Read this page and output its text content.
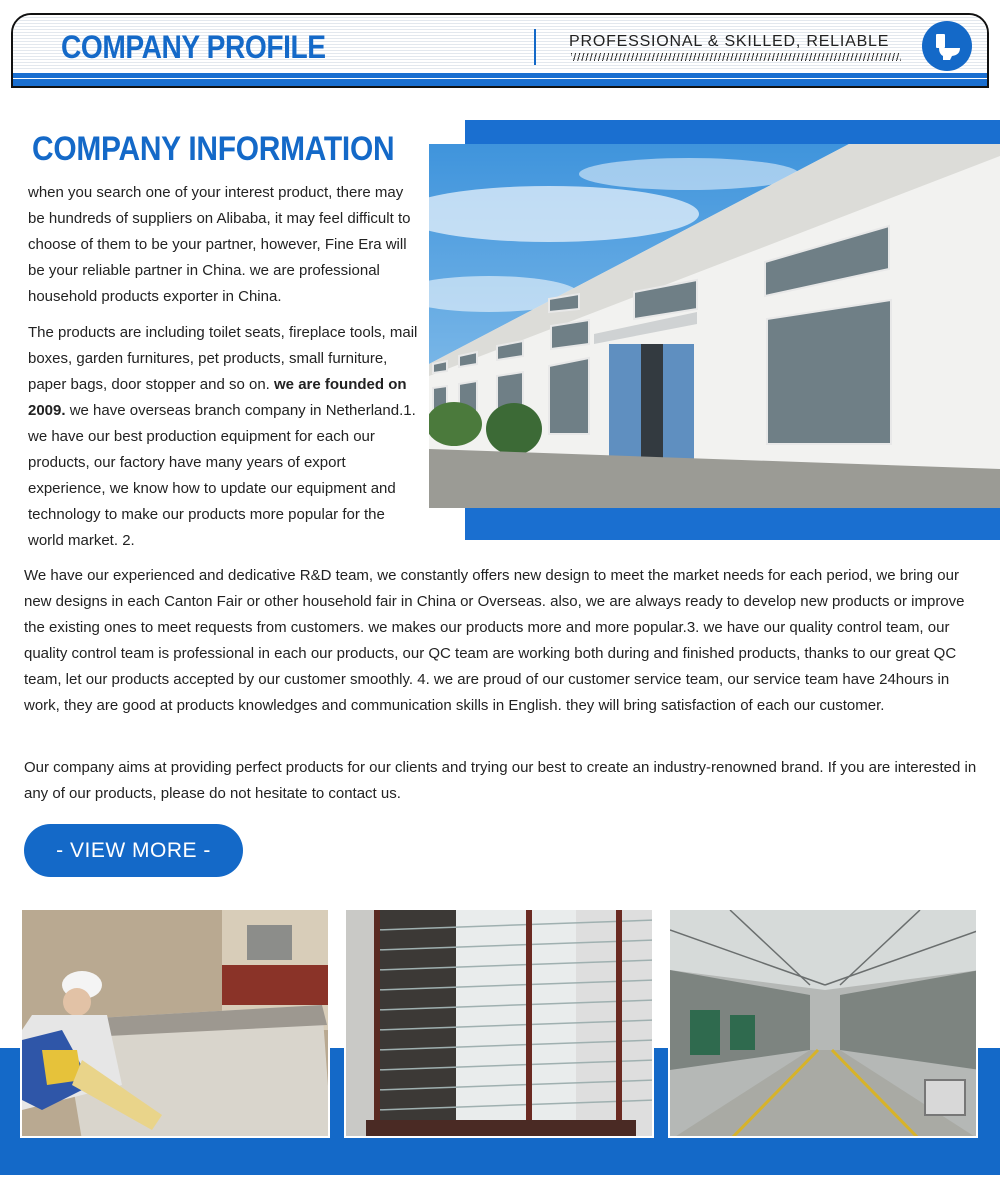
COMPANY PROFILE	PROFESSIONAL & SKILLED, RELIABLE
COMPANY INFORMATION

when you search one of your interest product, there may be hundreds of suppliers on Alibaba, it may feel difficult to choose of them to be your partner, however, Fine Era will be your reliable partner in China. we are professional household products exporter in China.

The products are including toilet seats, fireplace tools, mail boxes, garden furnitures, pet products, small furniture, paper bags, door stopper and so on. we are founded on 2009. we have overseas branch company in Netherland.1. we have our best production equipment for each our products, our factory have many years of export experience, we know how to update our equipment and technology to make our products more popular for the world market. 2.

We have our experienced and dedicative R&D team, we constantly offers new design to meet the market needs for each period, we bring our new designs in each Canton Fair or other household fair in China or Overseas. also, we are always ready to develop new products or improve the existing ones to meet requests from customers. we makes our products more and more popular.3. we have our quality control team, our quality control team is professional in each our products, our QC team are working both during and finished products, thanks to our great QC team, let our products accepted by our customer smoothly. 4. we are proud of our customer service team, our service team have 24hours in work, they are good at products knowledges and communication skills in English. they will bring satisfaction of each our customer.

Our company aims at providing perfect products for our clients and trying our best to create an industry-renowned brand. If you are interested in any of our products, please do not hesitate to contact us.

- VIEW MORE -
